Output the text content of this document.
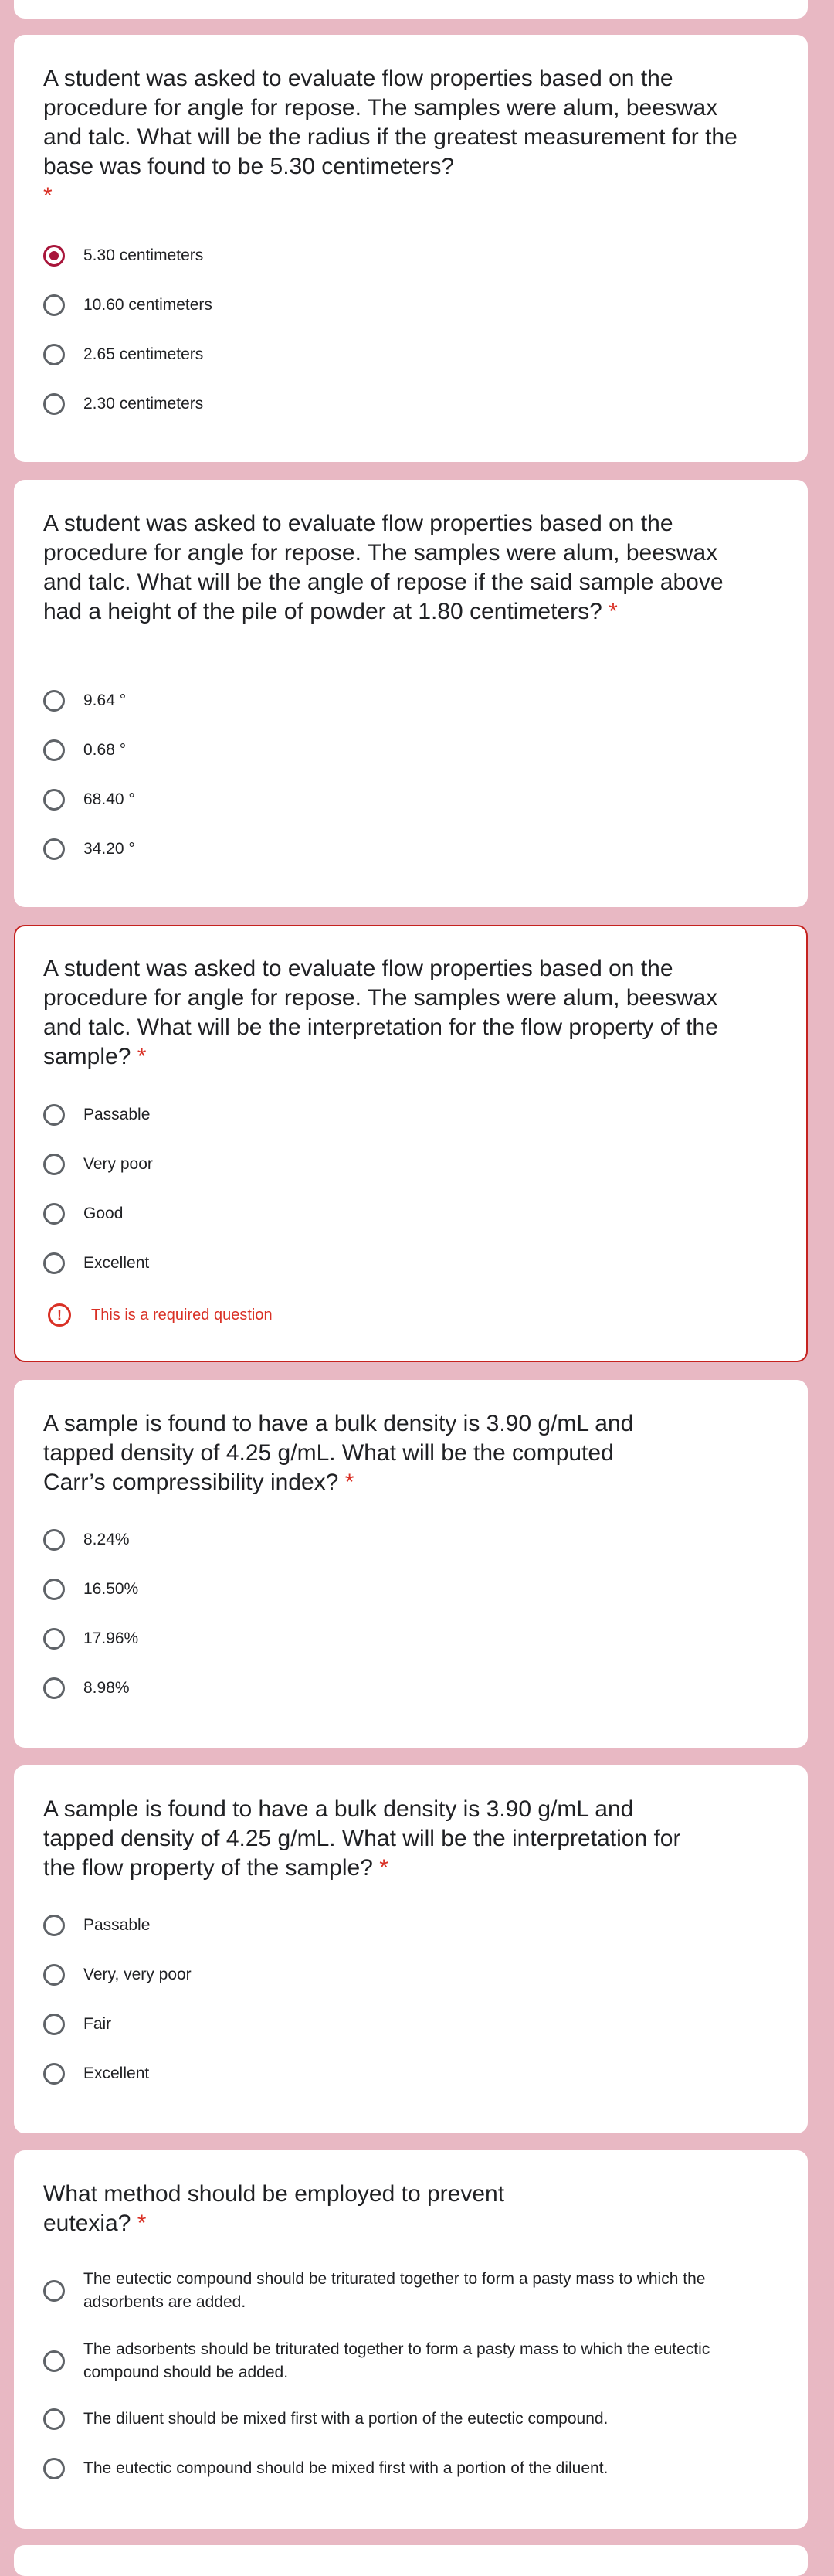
A student was asked to evaluate flow properties based on the procedure for angle for repose. The samples were alum, beeswax and talc. What will be the radius if the greatest measurement for the base was found to be 5.30 centimeters?
*
5.30 centimeters
10.60 centimeters
2.65 centimeters
2.30 centimeters
A student was asked to evaluate flow properties based on the procedure for angle for repose. The samples were alum, beeswax and talc. What will be the angle of repose if the said sample above had a height of the pile of powder at 1.80 centimeters? *
9.64 °
0.68 °
68.40 °
34.20 °
A student was asked to evaluate flow properties based on the procedure for angle for repose. The samples were alum, beeswax and talc. What will be the interpretation for the flow property of the sample? *
Passable
Very poor
Good
Excellent
!	This is a required question
A sample is found to have a bulk density is 3.90 g/mL and tapped density of 4.25 g/mL. What will be the computed Carr’s compressibility index? *
8.24%
16.50%
17.96%
8.98%
A sample is found to have a bulk density is 3.90 g/mL and tapped density of 4.25 g/mL. What will be the interpretation for the flow property of the sample? *
Passable
Very, very poor
Fair
Excellent
What method should be employed to prevent eutexia? *
The eutectic compound should be triturated together to form a pasty mass to which the adsorbents are added.
The adsorbents should be triturated together to form a pasty mass to which the eutectic compound should be added.
The diluent should be mixed first with a portion of the eutectic compound.
The eutectic compound should be mixed first with a portion of the diluent.
